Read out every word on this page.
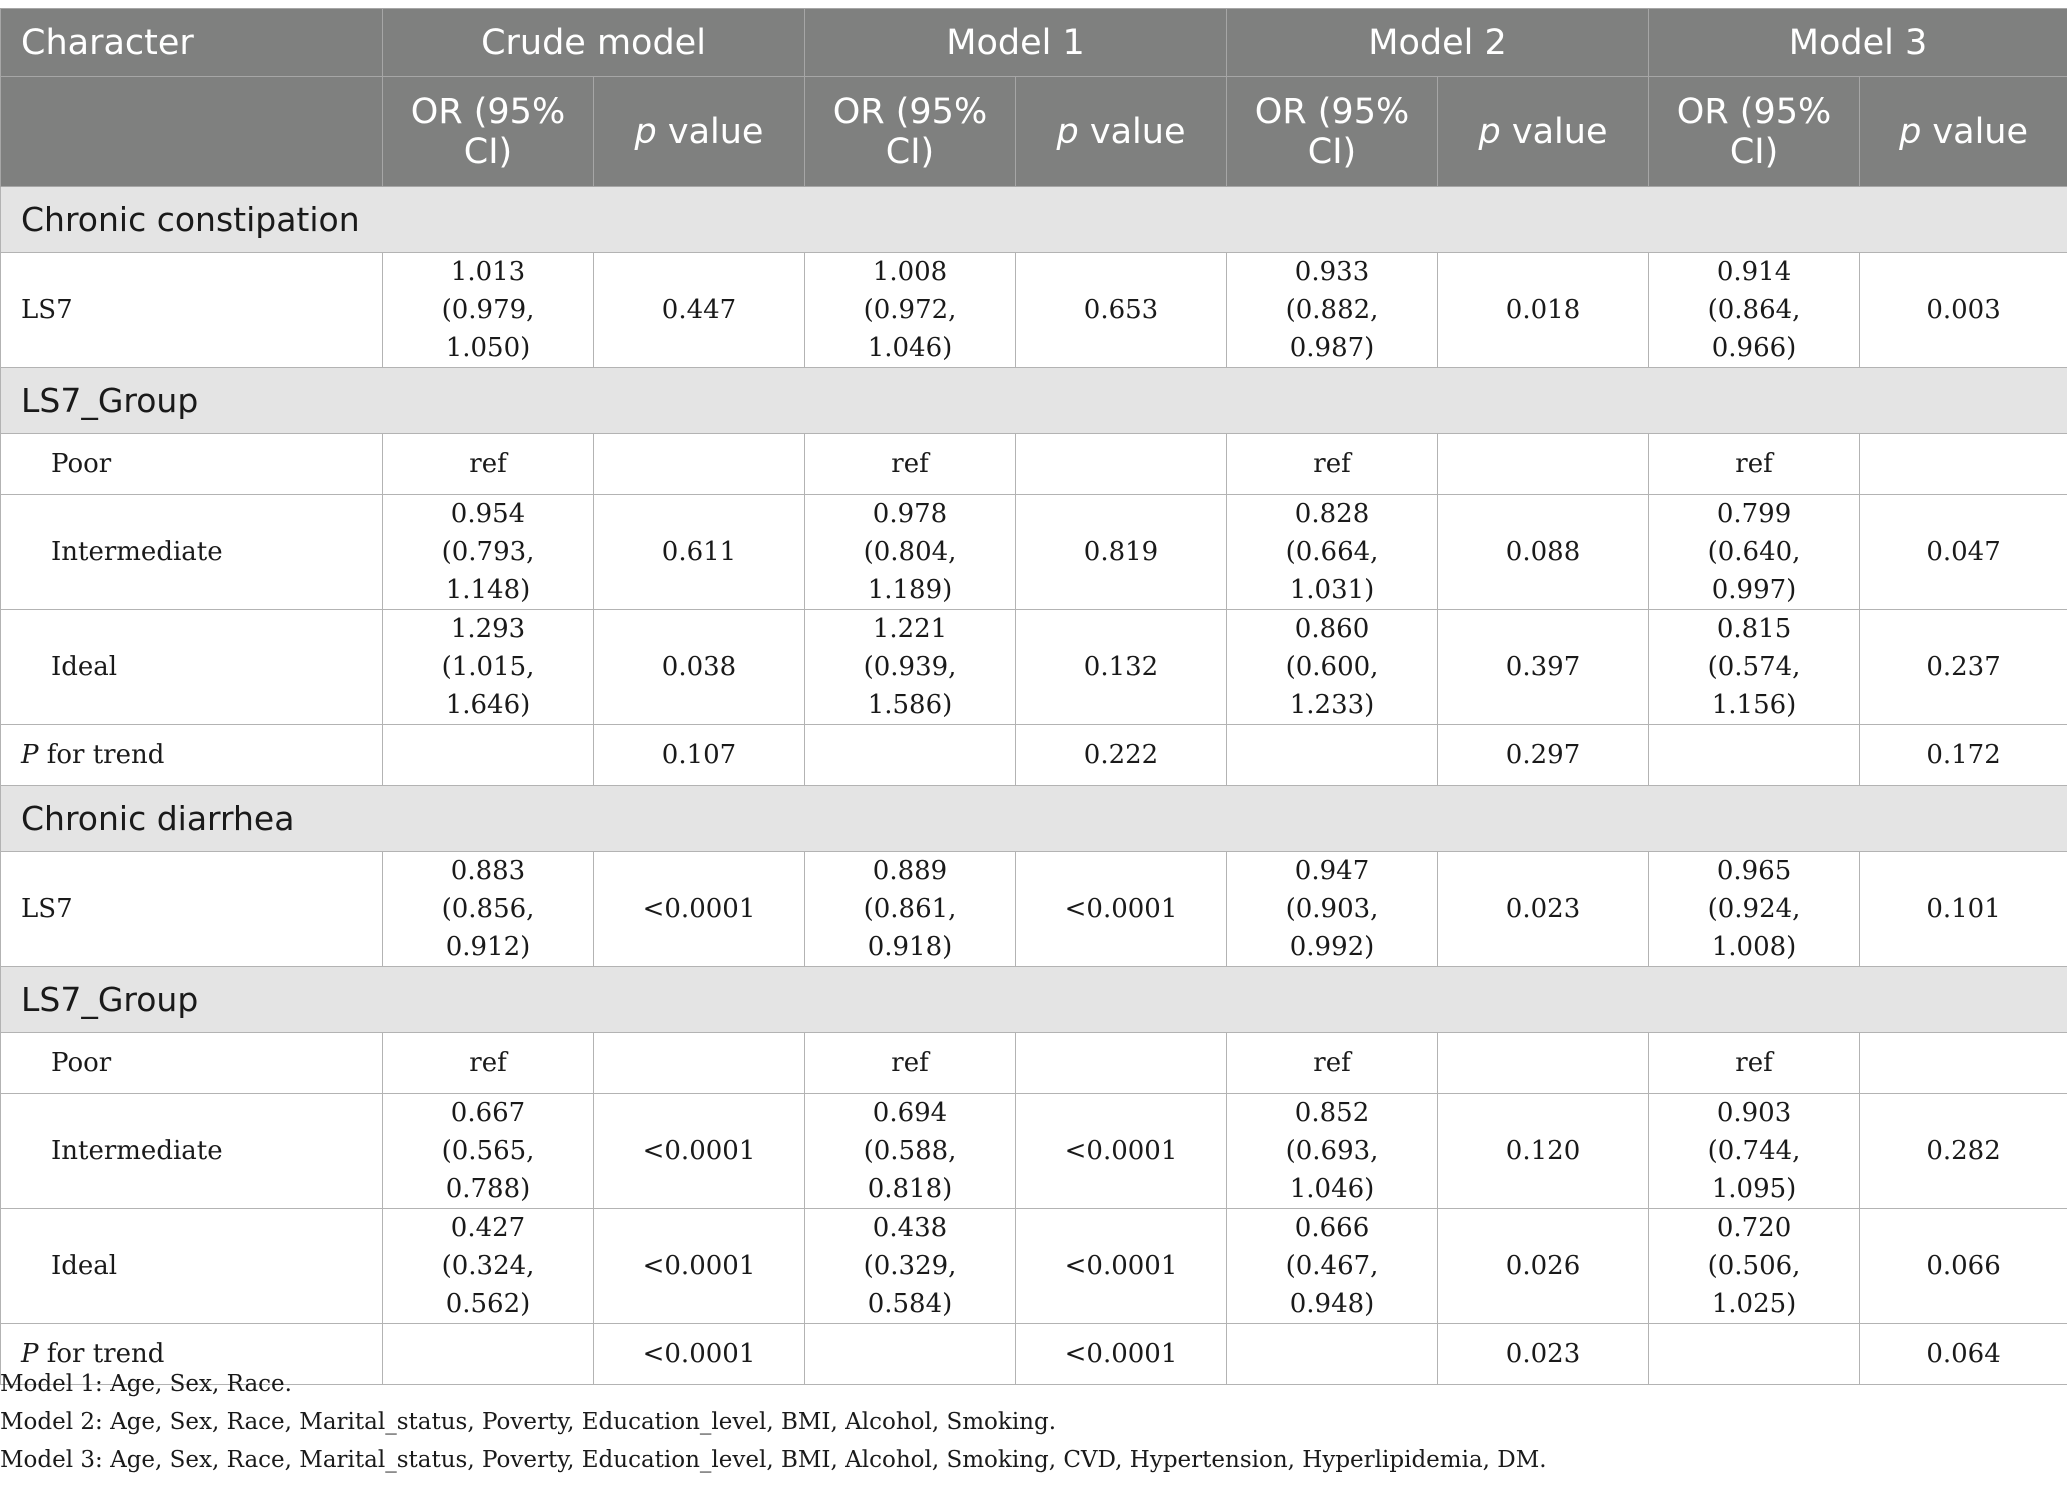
Character	Crude model		Model 1		Model 2		Model 3	
	OR (95% CI)	p value	OR (95% CI)	p value	OR (95% CI)	p value	OR (95% CI)	p value
Chronic constipation								
LS7	1.013 (0.979, 1.050)	0.447	1.008 (0.972, 1.046)	0.653	0.933 (0.882, 0.987)	0.018	0.914 (0.864, 0.966)	0.003
LS7_Group								
Poor	ref		ref		ref		ref	
Intermediate	0.954 (0.793, 1.148)	0.611	0.978 (0.804, 1.189)	0.819	0.828 (0.664, 1.031)	0.088	0.799 (0.640, 0.997)	0.047
Ideal	1.293 (1.015, 1.646)	0.038	1.221 (0.939, 1.586)	0.132	0.860 (0.600, 1.233)	0.397	0.815 (0.574, 1.156)	0.237
P for trend		0.107		0.222		0.297		0.172
Chronic diarrhea								
LS7	0.883 (0.856, 0.912)	<0.0001	0.889 (0.861, 0.918)	<0.0001	0.947 (0.903, 0.992)	0.023	0.965 (0.924, 1.008)	0.101
LS7_Group								
Poor	ref		ref		ref		ref	
Intermediate	0.667 (0.565, 0.788)	<0.0001	0.694 (0.588, 0.818)	<0.0001	0.852 (0.693, 1.046)	0.120	0.903 (0.744, 1.095)	0.282
Ideal	0.427 (0.324, 0.562)	<0.0001	0.438 (0.329, 0.584)	<0.0001	0.666 (0.467, 0.948)	0.026	0.720 (0.506, 1.025)	0.066
P for trend		<0.0001		<0.0001		0.023		0.064
Model 1: Age, Sex, Race.
Model 2: Age, Sex, Race, Marital_status, Poverty, Education_level, BMI, Alcohol, Smoking.
Model 3: Age, Sex, Race, Marital_status, Poverty, Education_level, BMI, Alcohol, Smoking, CVD, Hypertension, Hyperlipidemia, DM.
